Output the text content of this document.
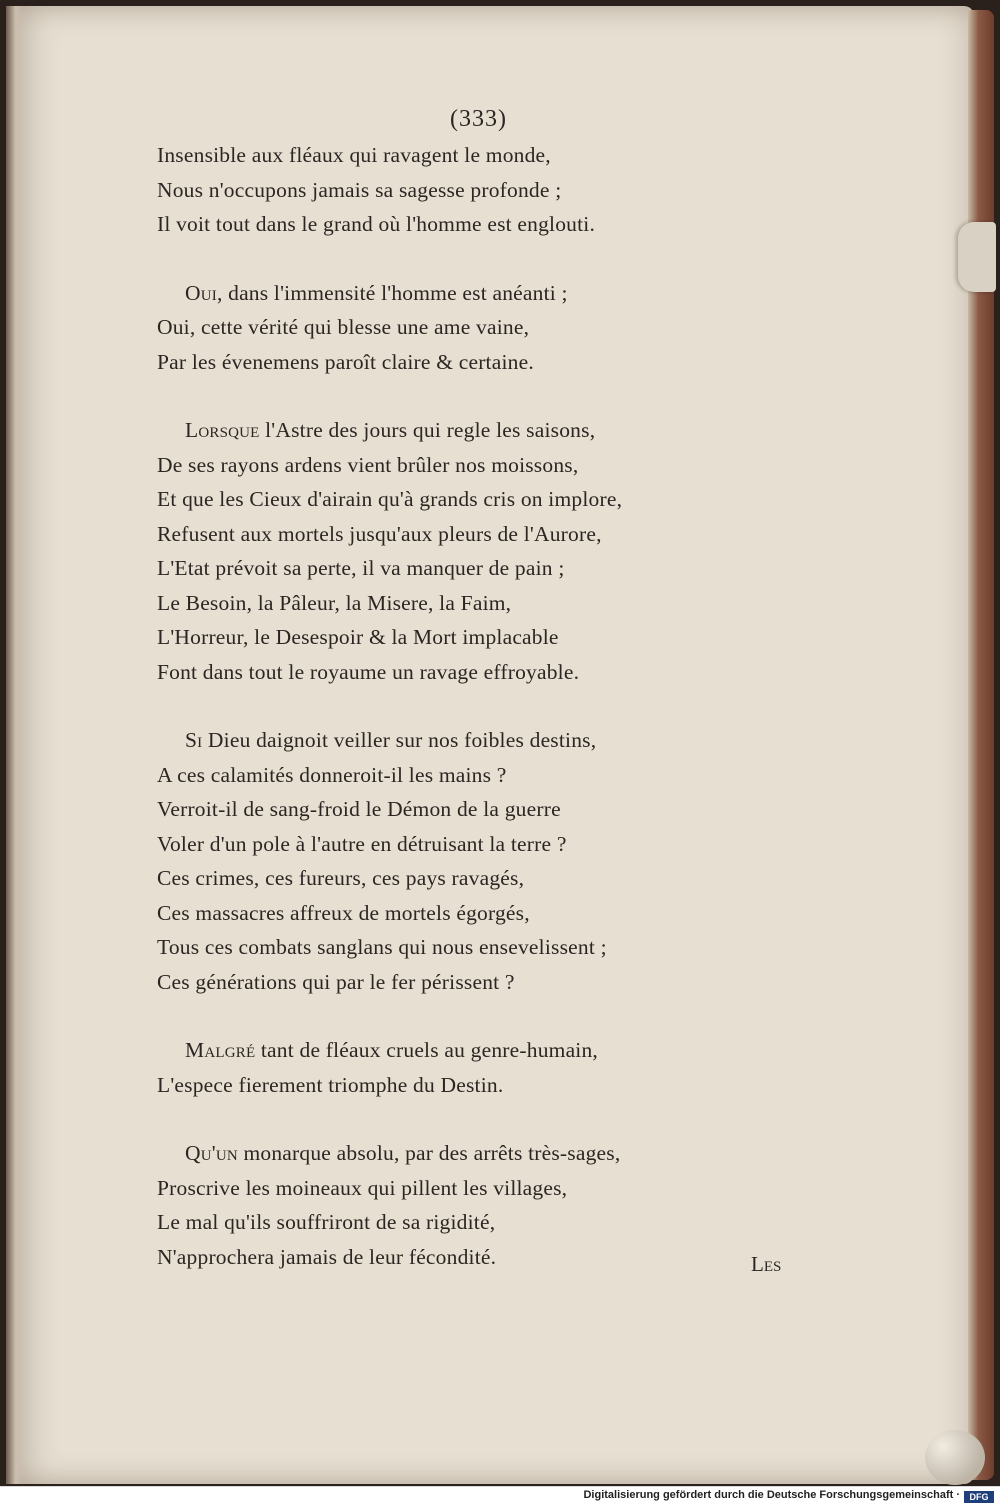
(333)
Insensible aux fléaux qui ravagent le monde,
Nous n'occupons jamais sa sagesse profonde ;
Il voit tout dans le grand où l'homme est englouti.
Oui, dans l'immensité l'homme est anéanti ;
Oui, cette vérité qui blesse une ame vaine,
Par les évenemens paroît claire & certaine.
Lorsque l'Astre des jours qui regle les saisons,
De ses rayons ardens vient brûler nos moissons,
Et que les Cieux d'airain qu'à grands cris on implore,
Refusent aux mortels jusqu'aux pleurs de l'Aurore,
L'Etat prévoit sa perte, il va manquer de pain ;
Le Besoin, la Pâleur, la Misere, la Faim,
L'Horreur, le Desespoir & la Mort implacable
Font dans tout le royaume un ravage effroyable.
Si Dieu daignoit veiller sur nos foibles destins,
A ces calamités donneroit-il les mains ?
Verroit-il de sang-froid le Démon de la guerre
Voler d'un pole à l'autre en détruisant la terre ?
Ces crimes, ces fureurs, ces pays ravagés,
Ces massacres affreux de mortels égorgés,
Tous ces combats sanglans qui nous ensevelissent ;
Ces générations qui par le fer périssent ?
Malgré tant de fléaux cruels au genre-humain,
L'espece fierement triomphe du Destin.
Qu'un monarque absolu, par des arrêts très-sages,
Proscrive les moineaux qui pillent les villages,
Le mal qu'ils souffriront de sa rigidité,
N'approchera jamais de leur fécondité.	Les
Digitalisierung gefördert durch die Deutsche Forschungsgemeinschaft ·	DFG
